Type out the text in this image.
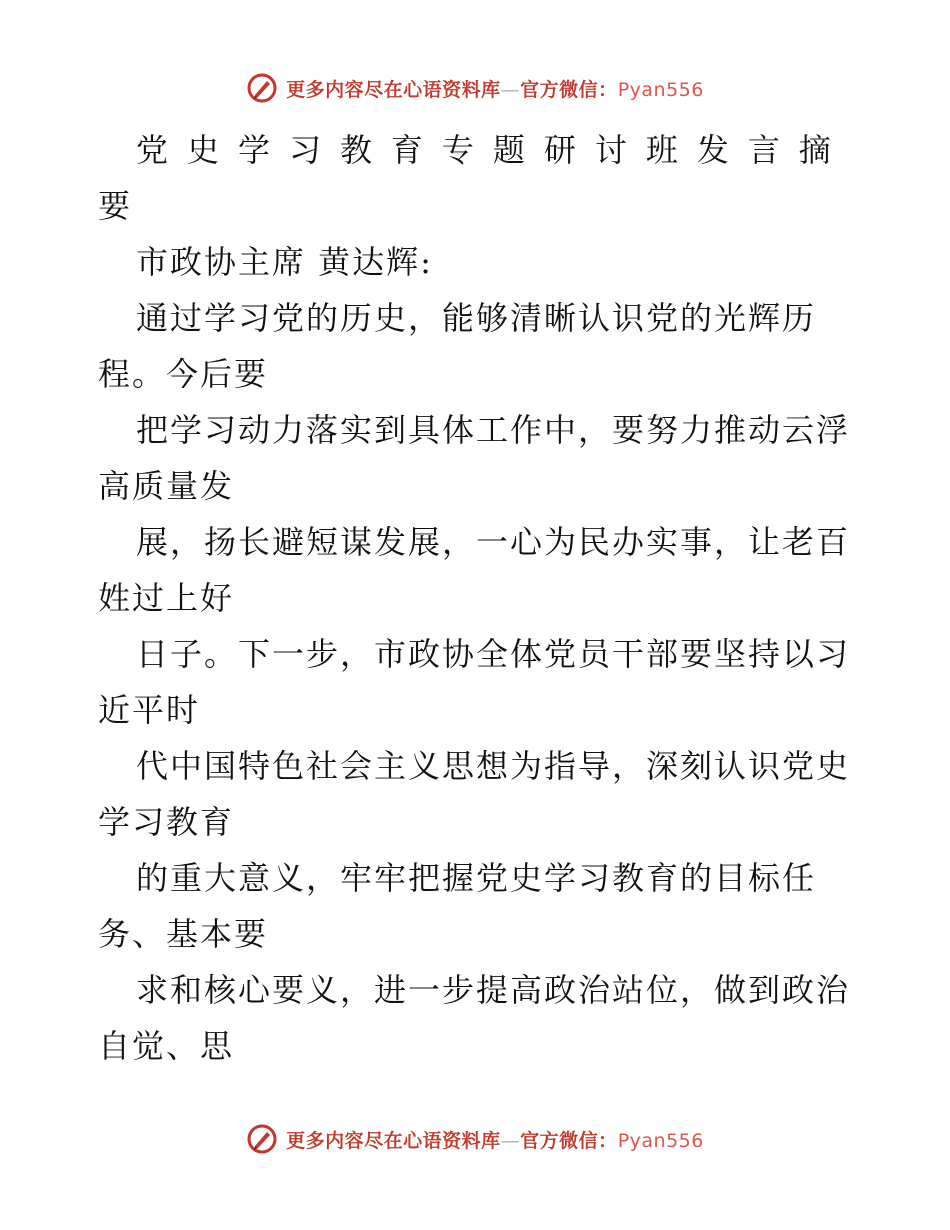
更多内容尽在心语资料库—官方微信：Pyan556
党 史 学 习 教 育 专 题 研 讨 班 发 言 摘
要
市政协主席 黄达辉:
通过学习党的历史，能够清晰认识党的光辉历
程。今后要
把学习动力落实到具体工作中，要努力推动云浮
高质量发
展，扬长避短谋发展，一心为民办实事，让老百
姓过上好
日子。下一步，市政协全体党员干部要坚持以习
近平时
代中国特色社会主义思想为指导，深刻认识党史
学习教育
的重大意义，牢牢把握党史学习教育的目标任
务、基本要
求和核心要义，进一步提高政治站位，做到政治
自觉、思
更多内容尽在心语资料库—官方微信：Pyan556
